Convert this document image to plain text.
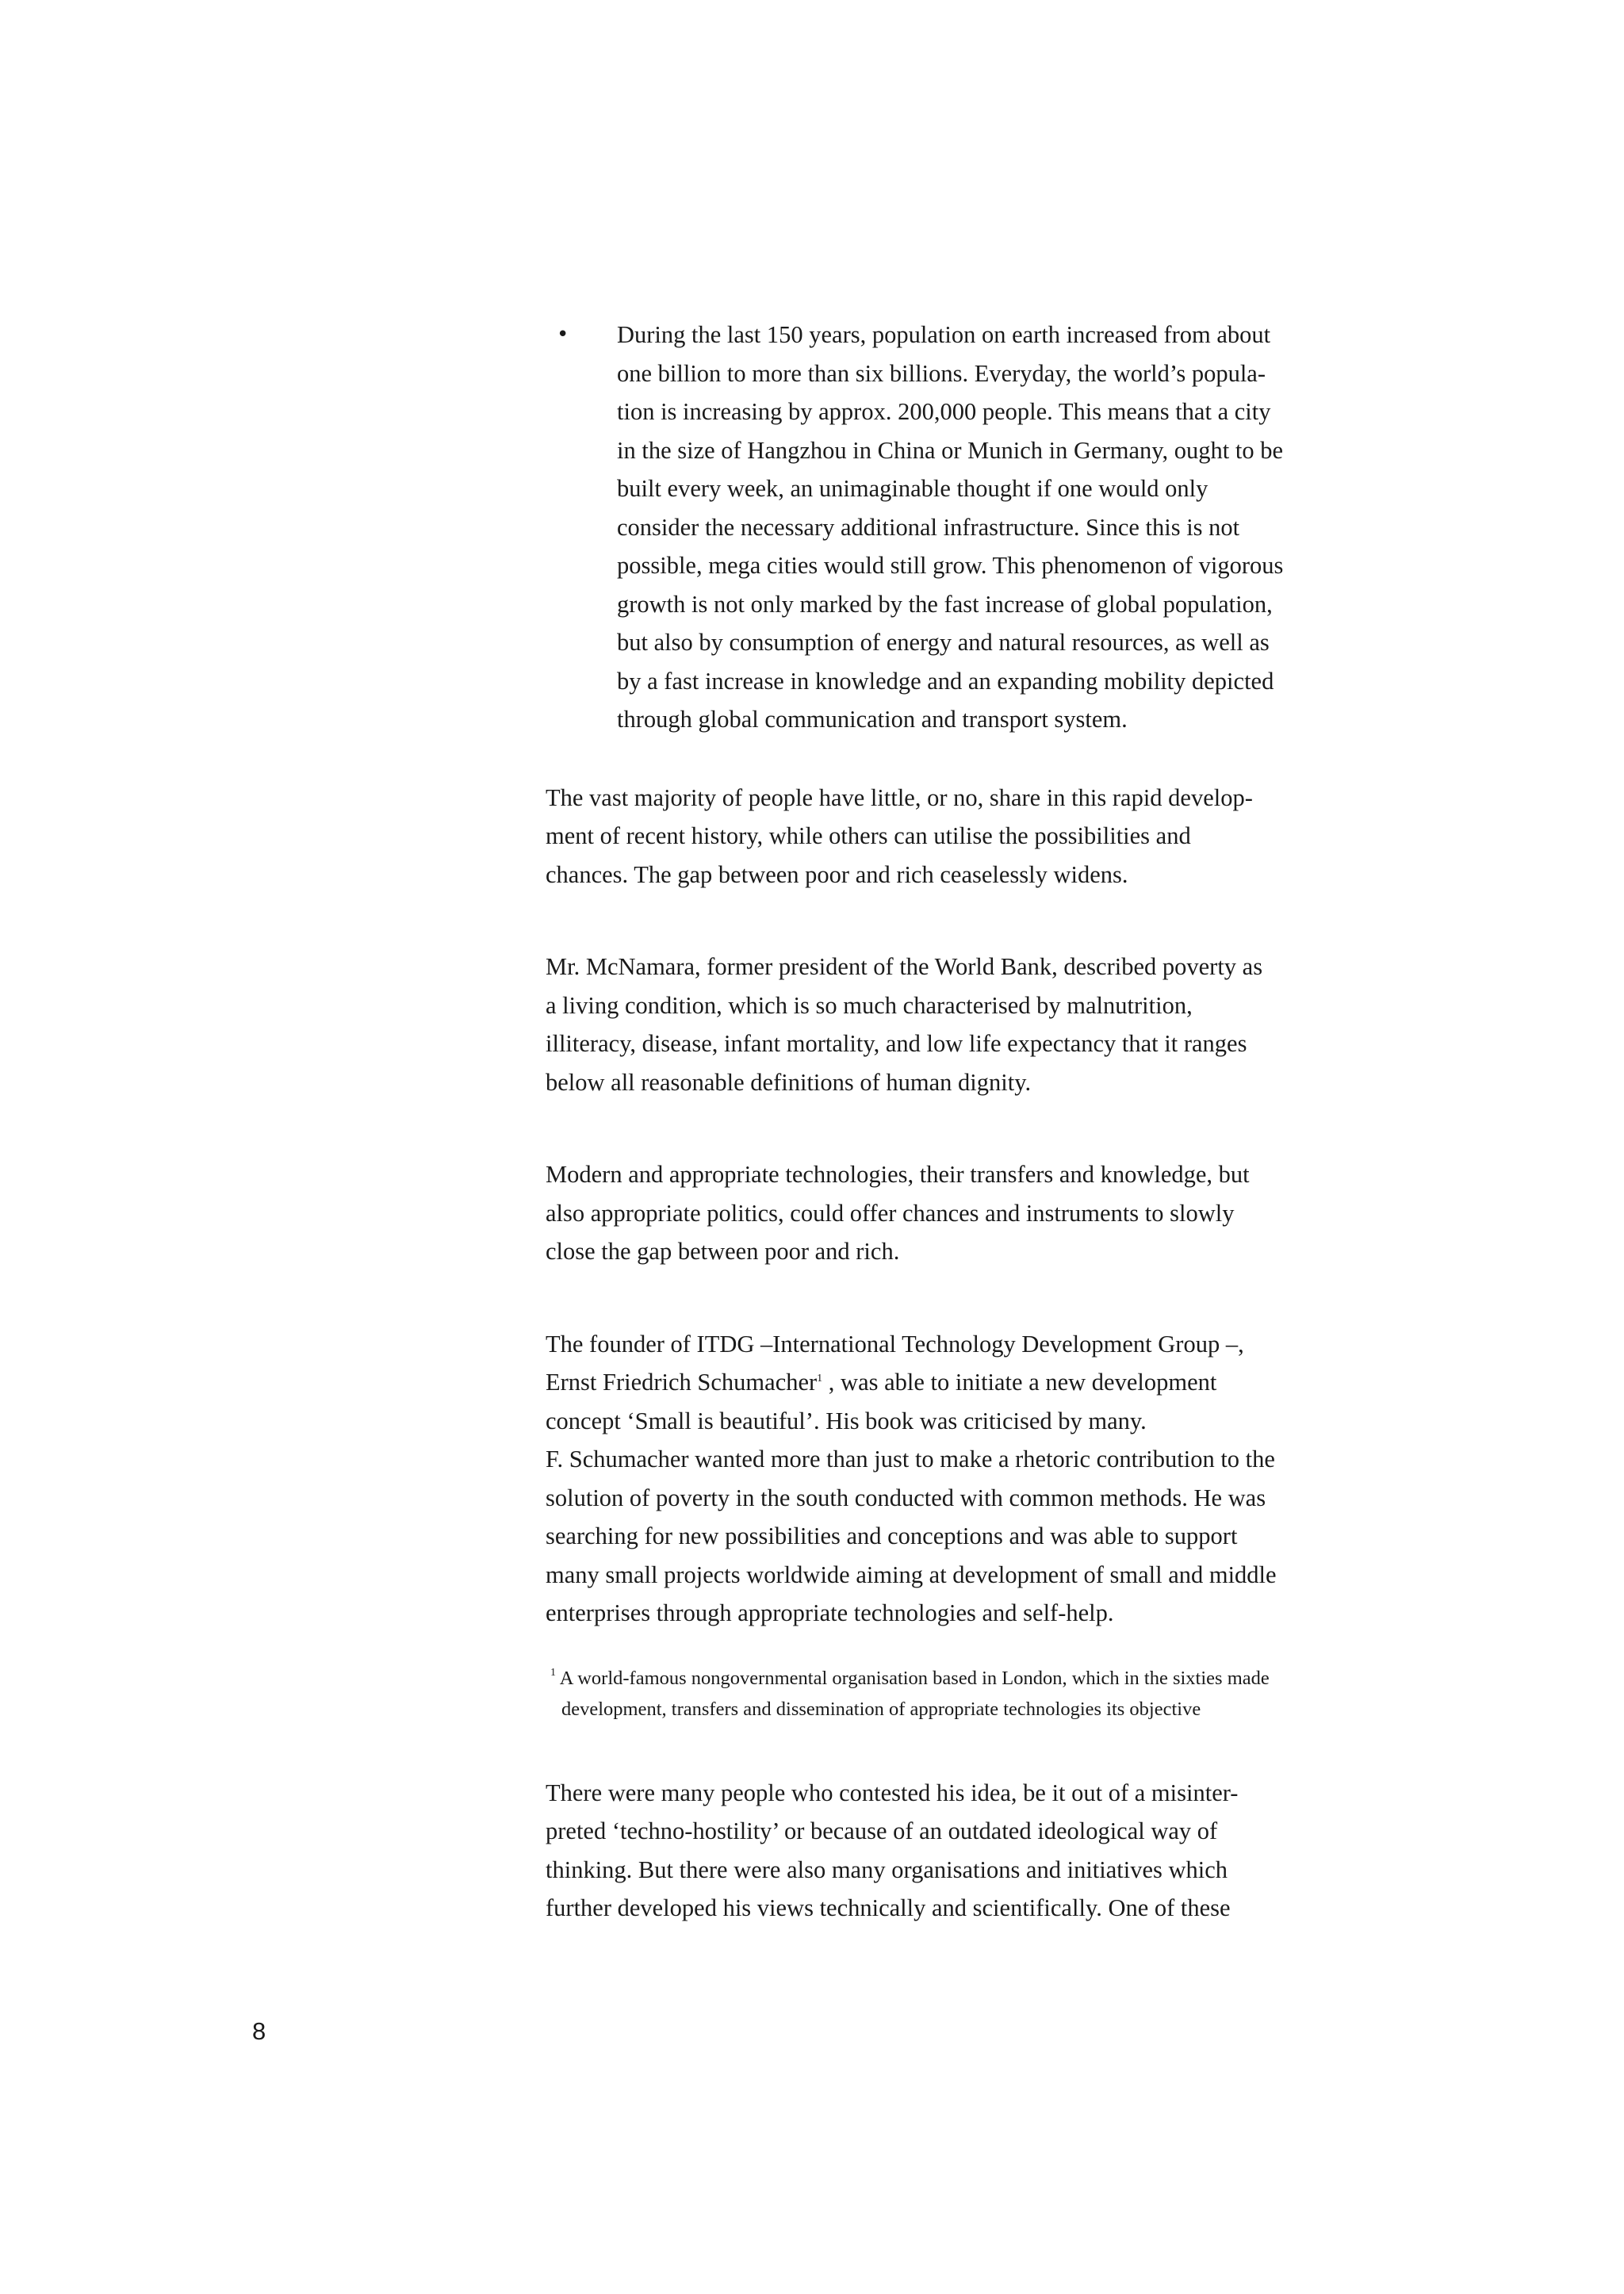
• During the last 150 years, population on earth increased from about
one billion to more than six billions. Everyday, the world’s popula-
tion is increasing by approx. 200,000 people. This means that a city
in the size of Hangzhou in China or Munich in Germany, ought to be
built every week, an unimaginable thought if one would only
consider the necessary additional infrastructure. Since this is not
possible, mega cities would still grow. This phenomenon of vigorous
growth is not only marked by the fast increase of global population,
but also by consumption of energy and natural resources, as well as
by a fast increase in knowledge and an expanding mobility depicted
through global communication and transport system.
The vast majority of people have little, or no, share in this rapid develop-
ment of recent history, while others can utilise the possibilities and
chances. The gap between poor and rich ceaselessly widens.
Mr. McNamara, former president of the World Bank, described poverty as
a living condition, which is so much characterised by malnutrition,
illiteracy, disease, infant mortality, and low life expectancy that it ranges
below all reasonable definitions of human dignity.
Modern and appropriate technologies, their transfers and knowledge, but
also appropriate politics, could offer chances and instruments to slowly
close the gap between poor and rich.
The founder of ITDG –International Technology Development Group –,
Ernst Friedrich Schumacher$^1$ , was able to initiate a new development
concept ‘Small is beautiful’. His book was criticised by many.
F. Schumacher wanted more than just to make a rhetoric contribution to the
solution of poverty in the south conducted with common methods. He was
searching for new possibilities and conceptions and was able to support
many small projects worldwide aiming at development of small and middle
enterprises through appropriate technologies and self-help.
$^1$ A world-famous nongovernmental organisation based in London, which in the sixties made
development, transfers and dissemination of appropriate technologies its objective
There were many people who contested his idea, be it out of a misinter-
preted ‘techno-hostility’ or because of an outdated ideological way of
thinking. But there were also many organisations and initiatives which
further developed his views technically and scientifically. One of these
8
